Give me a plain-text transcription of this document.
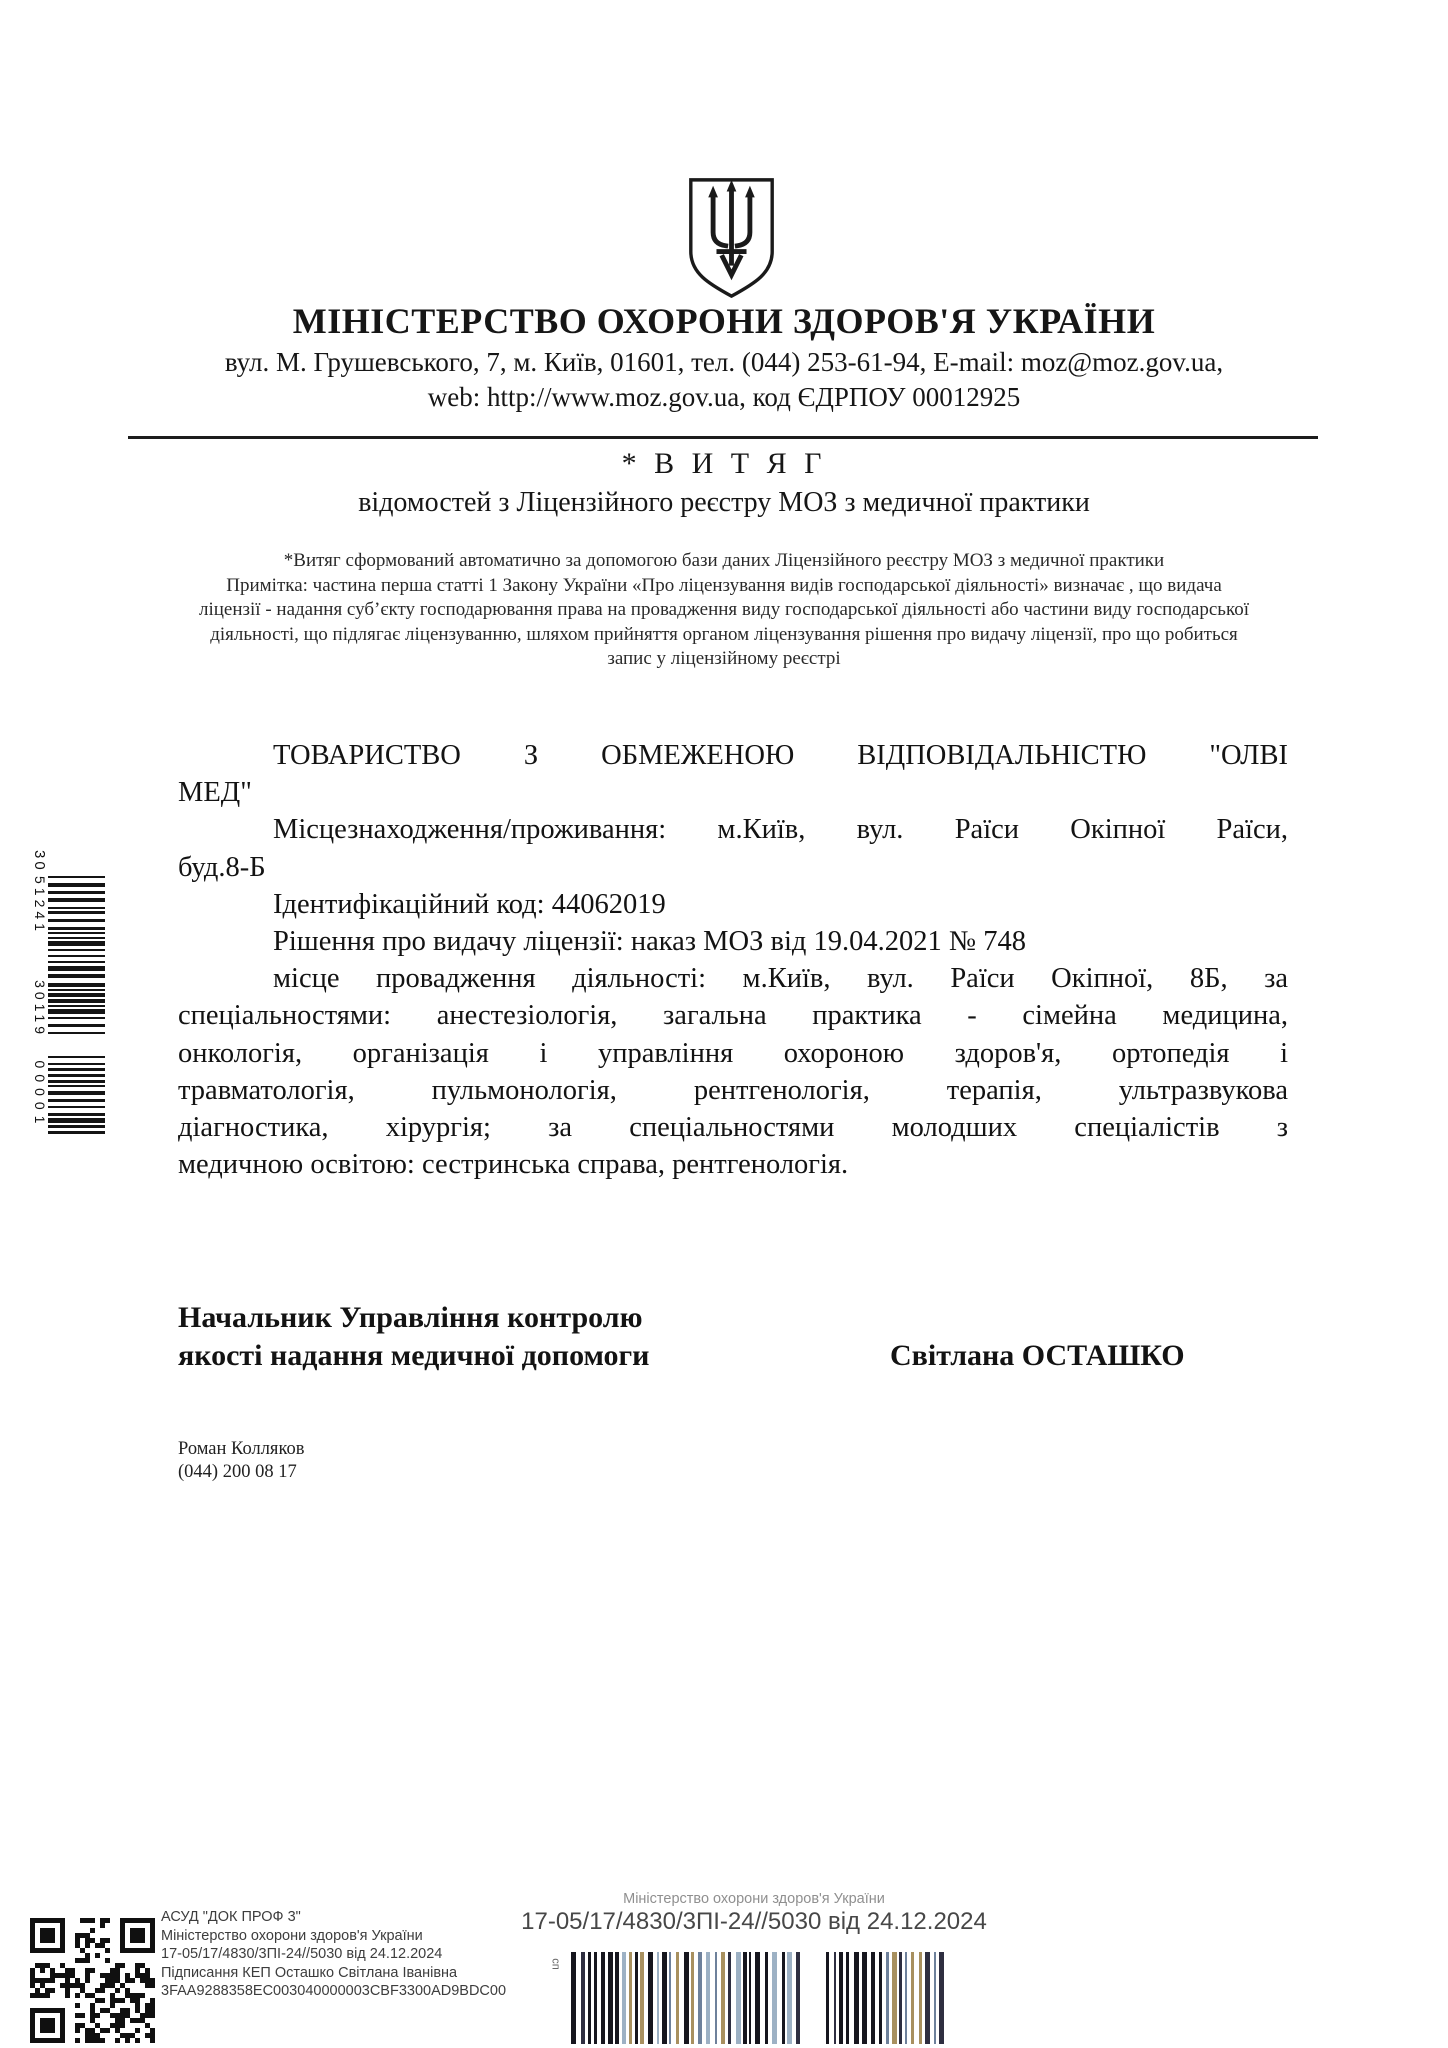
МІНІСТЕРСТВО ОХОРОНИ ЗДОРОВ'Я УКРАЇНИ
вул. М. Грушевського, 7, м. Київ, 01601, тел. (044) 253-61-94, E-mail: moz@moz.gov.ua,
web: http://www.moz.gov.ua, код ЄДРПОУ 00012925
* В И Т Я Г
відомостей з Ліцензійного реєстру МОЗ з медичної практики
*Витяг сформований автоматично за допомогою бази даних Ліцензійного реєстру МОЗ з медичної практики
Примітка: частина перша статті 1 Закону України «Про ліцензування видів господарської діяльності» визначає , що видача
ліцензії - надання суб’єкту господарювання права на провадження виду господарської діяльності або частини виду господарської
діяльності, що підлягає ліцензуванню, шляхом прийняття органом ліцензування рішення про видачу ліцензії, про що робиться
запис у ліцензійному реєстрі
ТОВАРИСТВО З ОБМЕЖЕНОЮ ВІДПОВІДАЛЬНІСТЮ "ОЛВІ
МЕД"
Місцезнаходження/проживання: м.Київ, вул. Раїси Окіпної Раїси,
буд.8-Б
Ідентифікаційний код: 44062019
Рішення про видачу ліцензії: наказ МОЗ від 19.04.2021 № 748
місце провадження діяльності: м.Київ, вул. Раїси Окіпної, 8Б, за
спеціальностями: анестезіологія, загальна практика - сімейна медицина,
онкологія, організація і управління охороною здоров'я, ортопедія і
травматологія, пульмонологія, рентгенологія, терапія, ультразвукова
діагностика, хірургія; за спеціальностями молодших спеціалістів з
медичною освітою: сестринська справа, рентгенологія.
Начальник Управління контролю
якості надання медичної допомоги	Світлана ОСТАШКО
Роман Колляков
(044) 200 08 17
30
51241
30119
00001
Міністерство охорони здоров'я України
17-05/17/4830/3ПІ-24//5030 від 24.12.2024
сп
АСУД "ДОК ПРОФ 3"
Міністерство охорони здоров'я України
17-05/17/4830/3ПІ-24//5030 від 24.12.2024
Підписання КЕП Осташко Світлана Іванівна
3FAA9288358EC003040000003CBF3300AD9BDC00
